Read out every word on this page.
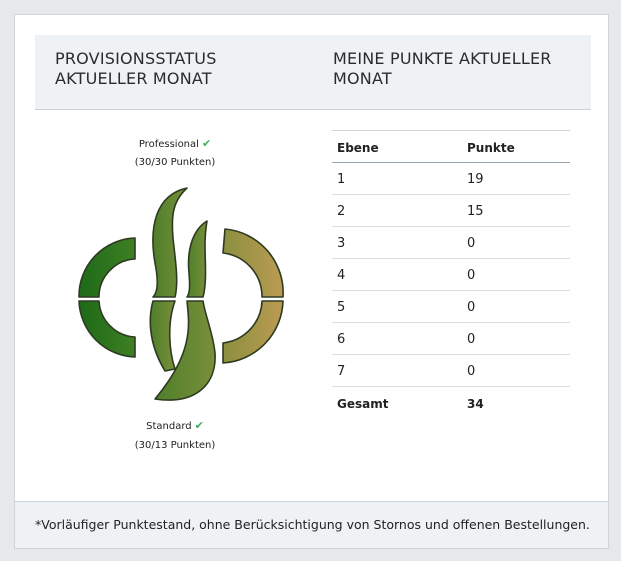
PROVISIONSSTATUS AKTUELLER MONAT
MEINE PUNKTE AKTUELLER MONAT
Professional ✔
(30/30 Punkten)
Standard ✔
(30/13 Punkten)
Ebene	Punkte
1	19
2	15
3	0
4	0
5	0
6	0
7	0
Gesamt	34

*Vorläufiger Punktestand, ohne Berücksichtigung von Stornos und offenen Bestellungen.
